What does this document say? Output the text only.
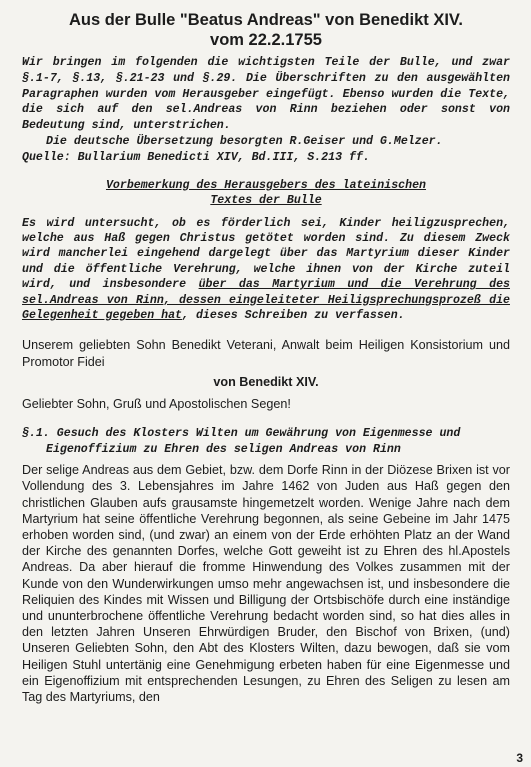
Aus der Bulle "Beatus Andreas" von Benedikt XIV.
vom 22.2.1755

Wir bringen im folgenden die wichtigsten Teile der Bulle, und zwar §.1-7, §.13, §.21-23 und §.29. Die Überschriften zu den ausgewählten Paragraphen wurden vom Herausgeber eingefügt. Ebenso wurden die Texte, die sich auf den sel.Andreas von Rinn beziehen oder sonst von Bedeutung sind, unterstrichen.
Die deutsche Übersetzung besorgten R.Geiser und G.Melzer.
Quelle: Bullarium Benedicti XIV, Bd.III, S.213 ff.

Vorbemerkung des Herausgebers des lateinischen
Textes der Bulle

Es wird untersucht, ob es förderlich sei, Kinder heiligzusprechen, welche aus Haß gegen Christus getötet worden sind. Zu diesem Zweck wird mancherlei eingehend dargelegt über das Martyrium dieser Kinder und die öffentliche Verehrung, welche ihnen von der Kirche zuteil wird, und insbesondere über das Martyrium und die Verehrung des sel.Andreas von Rinn, dessen eingeleiteter Heiligsprechungsprozeß die Gelegenheit gegeben hat, dieses Schreiben zu verfassen.

Unserem geliebten Sohn Benedikt Veterani, Anwalt beim Heiligen Konsistorium und Promotor Fidei

von Benedikt XIV.

Geliebter Sohn, Gruß und Apostolischen Segen!

§.1. Gesuch des Klosters Wilten um Gewährung von Eigenmesse und Eigenoffizium zu Ehren des seligen Andreas von Rinn

Der selige Andreas aus dem Gebiet, bzw. dem Dorfe Rinn in der Diözese Brixen ist vor Vollendung des 3. Lebensjahres im Jahre 1462 von Juden aus Haß gegen den christlichen Glauben aufs grausamste hingemetzelt worden. Wenige Jahre nach dem Martyrium hat seine öffentliche Verehrung begonnen, als seine Gebeine im Jahr 1475 erhoben worden sind, (und zwar) an einem von der Erde erhöhten Platz an der Wand der Kirche des genannten Dorfes, welche Gott geweiht ist zu Ehren des hl.Apostels Andreas. Da aber hierauf die fromme Hinwendung des Volkes zusammen mit der Kunde von den Wunderwirkungen umso mehr angewachsen ist, und insbesondere die Reliquien des Kindes mit Wissen und Billigung der Ortsbischöfe durch eine inständige und ununterbrochene öffentliche Verehrung bedacht worden sind, so hat dies alles in den letzten Jahren Unseren Ehrwürdigen Bruder, den Bischof von Brixen, (und) Unseren Geliebten Sohn, den Abt des Klosters Wilten, dazu bewogen, daß sie vom Heiligen Stuhl untertänig eine Genehmigung erbeten haben für eine Eigenmesse und ein Eigenoffizium mit entsprechenden Lesungen, zu Ehren des Seligen zu lesen am Tag des Martyriums, den

3
